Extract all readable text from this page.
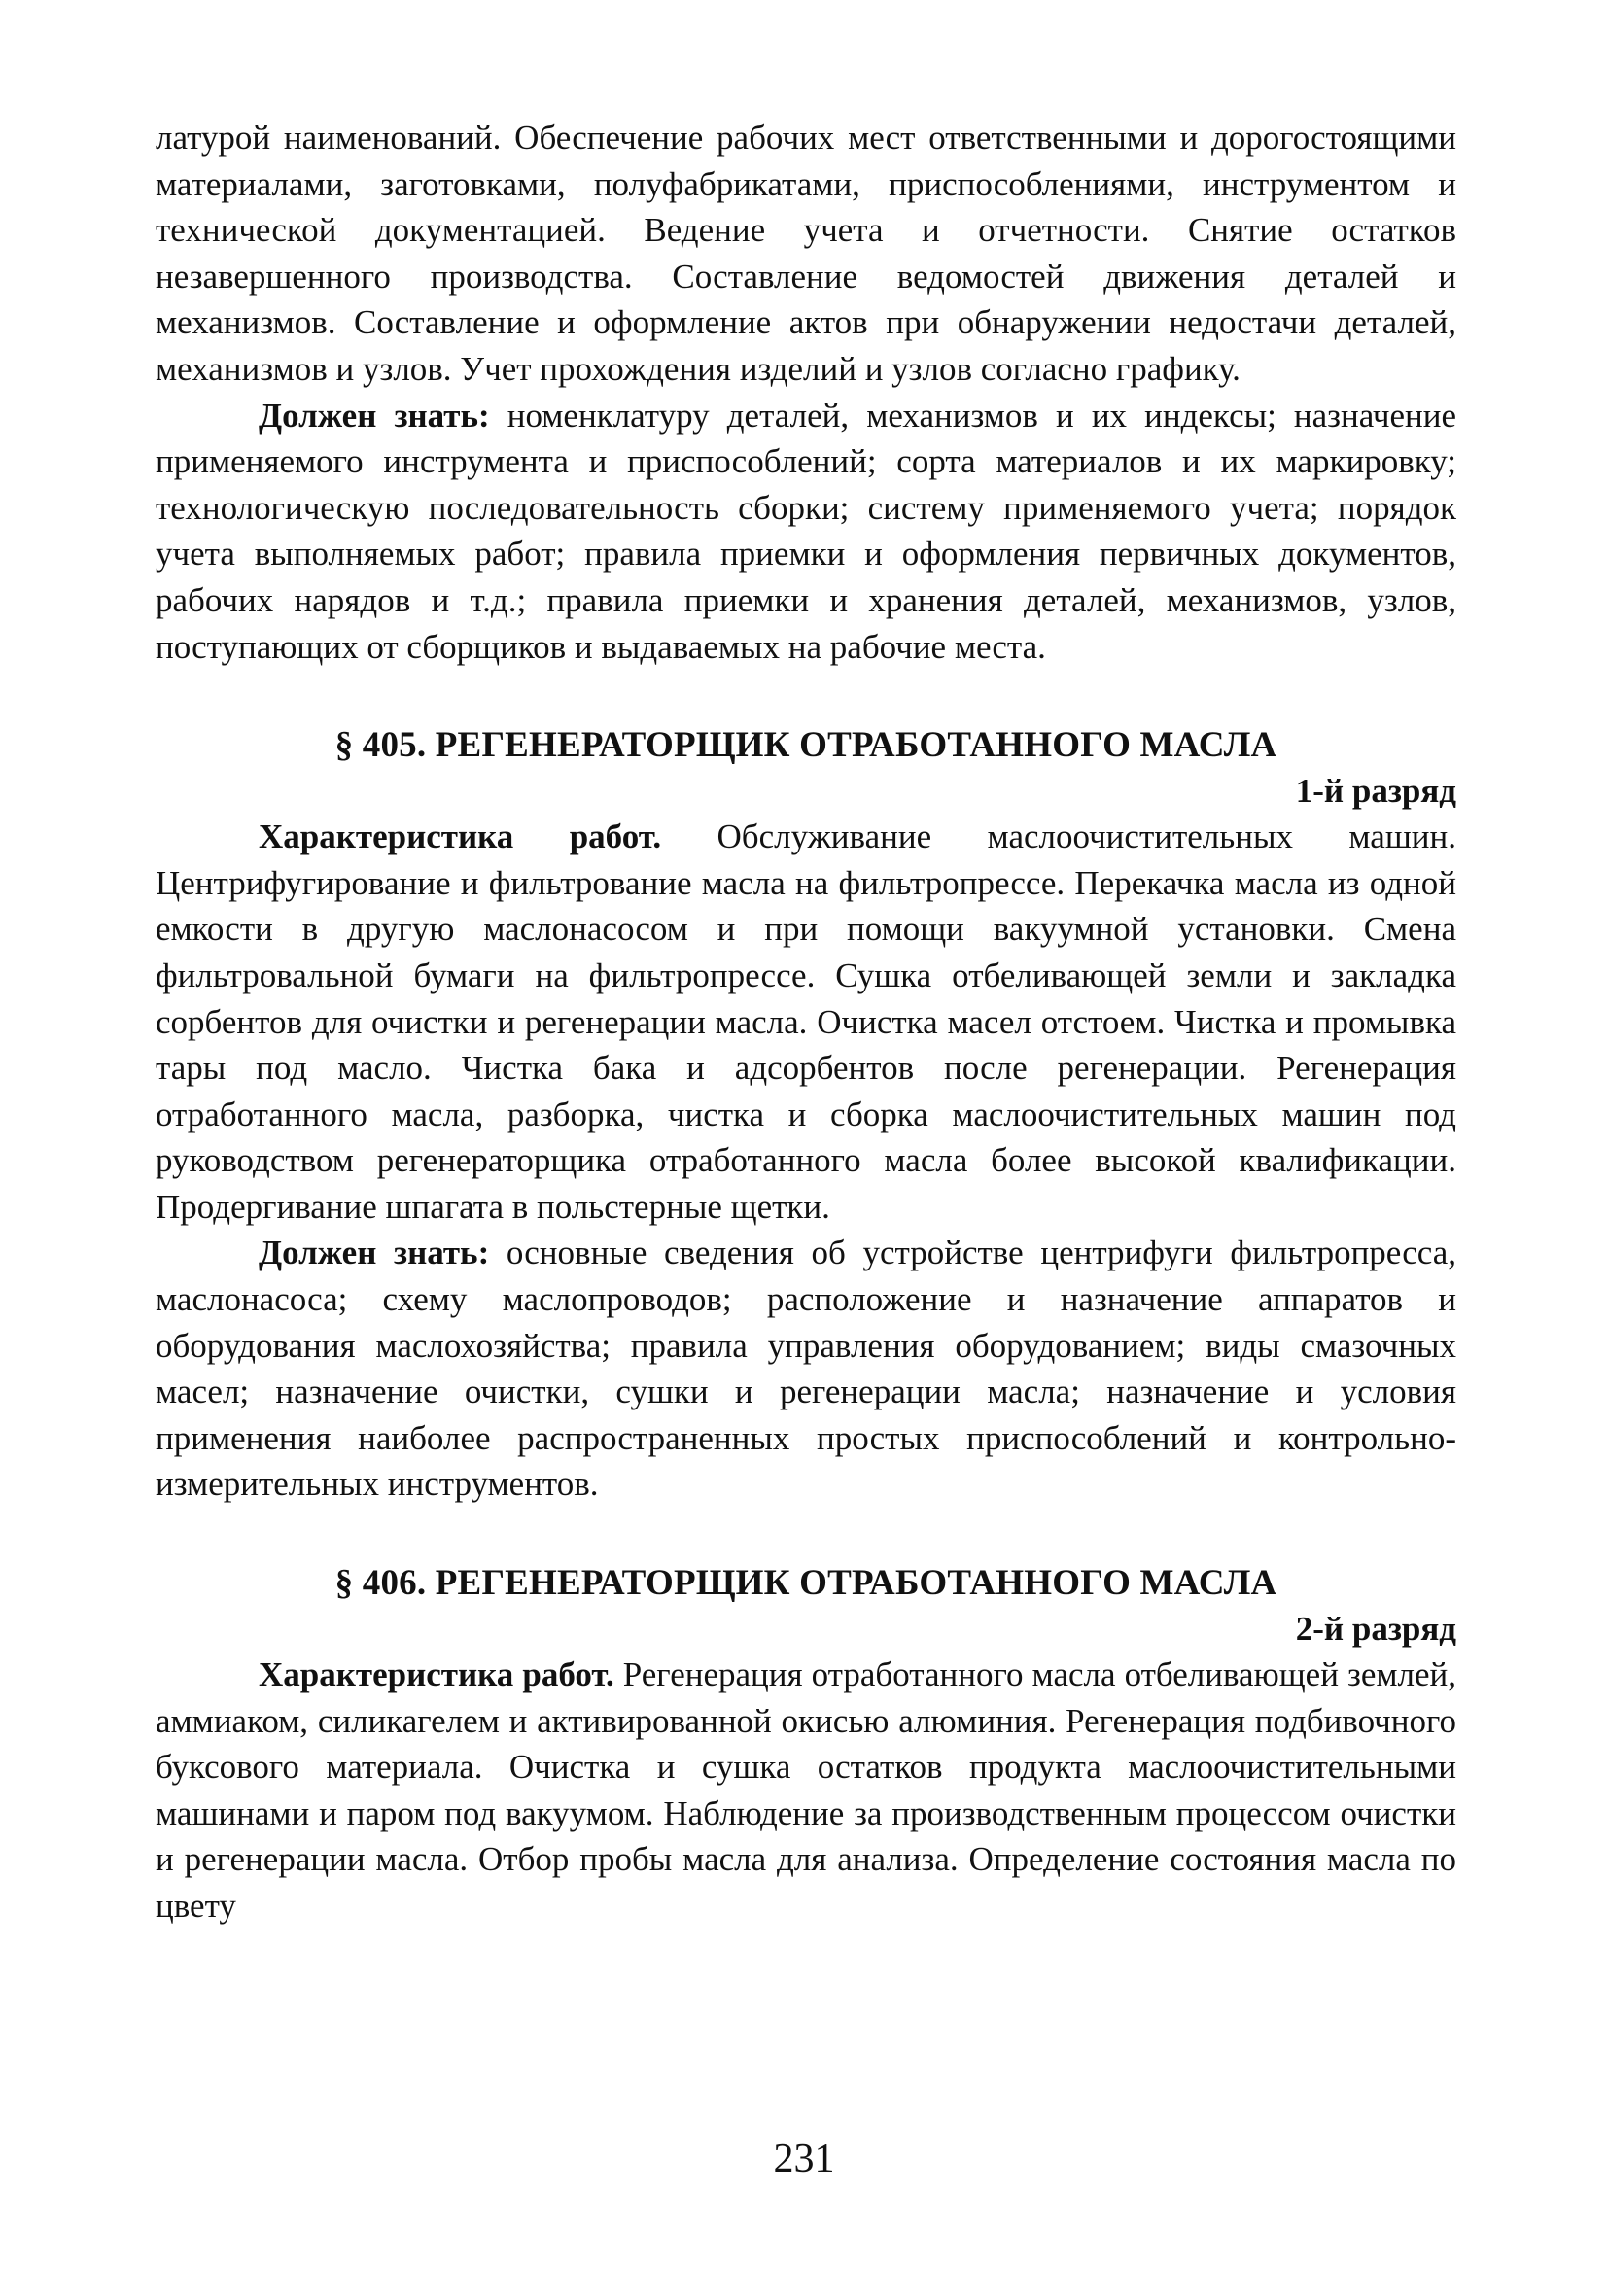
латурой наименований. Обеспечение рабочих мест ответственными и дорогостоящими материалами, заготовками, полуфабрикатами, приспособлениями, инструментом и технической документацией. Ведение учета и отчетности. Снятие остатков незавершенного производства. Составление ведомостей движения деталей и механизмов. Составление и оформление актов при обнаружении недостачи деталей, механизмов и узлов. Учет прохождения изделий и узлов согласно графику.

Должен знать: номенклатуру деталей, механизмов и их индексы; назначение применяемого инструмента и приспособлений; сорта материалов и их маркировку; технологическую последовательность сборки; систему применяемого учета; порядок учета выполняемых работ; правила приемки и оформления первичных документов, рабочих нарядов и т.д.; правила приемки и хранения деталей, механизмов, узлов, поступающих от сборщиков и выдаваемых на рабочие места.

§ 405. РЕГЕНЕРАТОРЩИК ОТРАБОТАННОГО МАСЛА
1-й разряд

Характеристика работ. Обслуживание маслоочистительных машин. Центрифугирование и фильтрование масла на фильтропрессе. Перекачка масла из одной емкости в другую маслонасосом и при помощи вакуумной установки. Смена фильтровальной бумаги на фильтропрессе. Сушка отбеливающей земли и закладка сорбентов для очистки и регенерации масла. Очистка масел отстоем. Чистка и промывка тары под масло. Чистка бака и адсорбентов после регенерации. Регенерация отработанного масла, разборка, чистка и сборка маслоочистительных машин под руководством регенераторщика отработанного масла более высокой квалификации. Продергивание шпагата в польстерные щетки.

Должен знать: основные сведения об устройстве центрифуги фильтропресса, маслонасоса; схему маслопроводов; расположение и назначение аппаратов и оборудования маслохозяйства; правила управления оборудованием; виды смазочных масел; назначение очистки, сушки и регенерации масла; назначение и условия применения наиболее распространенных простых приспособлений и контрольно-измерительных инструментов.

§ 406. РЕГЕНЕРАТОРЩИК ОТРАБОТАННОГО МАСЛА
2-й разряд

Характеристика работ. Регенерация отработанного масла отбеливающей землей, аммиаком, силикагелем и активированной окисью алюминия. Регенерация подбивочного буксового материала. Очистка и сушка остатков продукта маслоочистительными машинами и паром под вакуумом. Наблюдение за производственным процессом очистки и регенерации масла. Отбор пробы масла для анализа. Определение состояния масла по цвету

231
